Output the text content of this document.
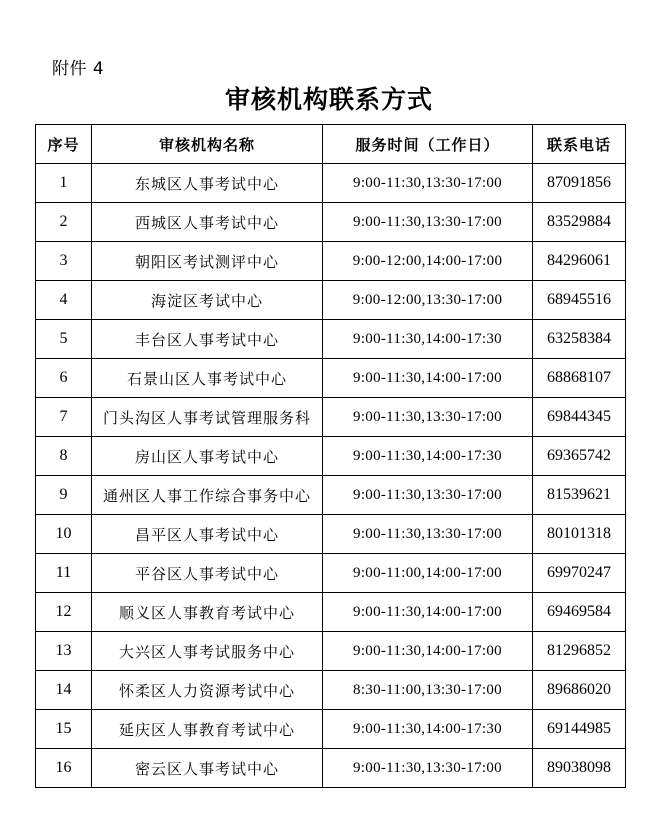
附件 4
审核机构联系方式
序号	审核机构名称	服务时间（工作日）	联系电话
1	东城区人事考试中心	9:00-11:30,13:30-17:00	87091856
2	西城区人事考试中心	9:00-11:30,13:30-17:00	83529884
3	朝阳区考试测评中心	9:00-12:00,14:00-17:00	84296061
4	海淀区考试中心	9:00-12:00,13:30-17:00	68945516
5	丰台区人事考试中心	9:00-11:30,14:00-17:30	63258384
6	石景山区人事考试中心	9:00-11:30,14:00-17:00	68868107
7	门头沟区人事考试管理服务科	9:00-11:30,13:30-17:00	69844345
8	房山区人事考试中心	9:00-11:30,14:00-17:30	69365742
9	通州区人事工作综合事务中心	9:00-11:30,13:30-17:00	81539621
10	昌平区人事考试中心	9:00-11:30,13:30-17:00	80101318
11	平谷区人事考试中心	9:00-11:00,14:00-17:00	69970247
12	顺义区人事教育考试中心	9:00-11:30,14:00-17:00	69469584
13	大兴区人事考试服务中心	9:00-11:30,14:00-17:00	81296852
14	怀柔区人力资源考试中心	8:30-11:00,13:30-17:00	89686020
15	延庆区人事教育考试中心	9:00-11:30,14:00-17:30	69144985
16	密云区人事考试中心	9:00-11:30,13:30-17:00	89038098
